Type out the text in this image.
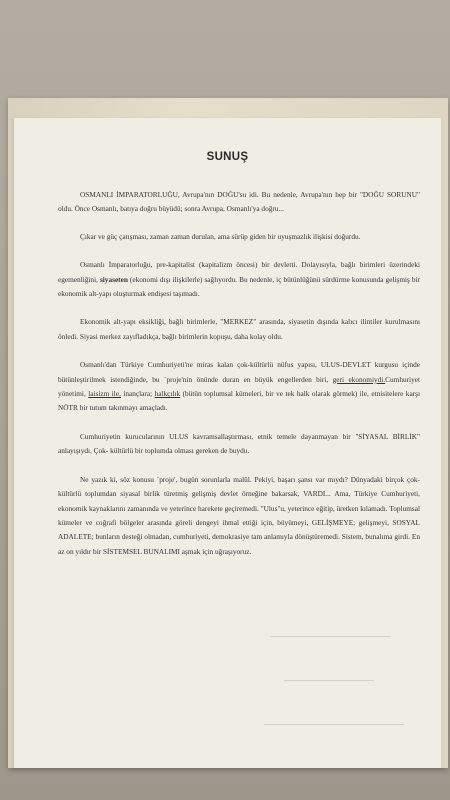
SUNUŞ

OSMANLI İMPARATORLUĞU, Avrupa'nın DOĞU'su idi. Bu nedenle, Avrupa'nın hep bir "DOĞU SORUNU" oldu. Önce Osmanlı, batıya doğru büyüdü; sonra Avrupa, Osmanlı'ya doğru...

Çıkar ve güç çatışması, zaman zaman durulan, ama sürüp giden bir uyuşmazlık ilişkisi doğurdu.

Osmanlı İmparatorluğu, pre-kapitalist (kapitalizm öncesi) bir devletti. Dolayısıyla, bağlı birimleri üzerindeki egemenliğini, siyaseten (ekonomi dışı ilişkilerle) sağlıyordu. Bu nedenle, iç bütünlüğünü sürdürme konusunda gelişmiş bir ekonomik alt-yapı oluşturmak endişesi taşımadı.

Ekonomik alt-yapı eksikliği, bağlı birimlerle, "MERKEZ" arasında, siyasetin dışında kalıcı ilintiler kurulmasını önledi. Siyasi merkez zayıfladıkça, bağlı birimlerin kopuşu, daha kolay oldu.

Osmanlı'dan Türkiye Cumhuriyeti'ne miras kalan çok-kültürlü nüfus yapısı, ULUS-DEVLET kurgusu içinde bütünleştirilmek istendiğinde, bu `proje'nin önünde duran en büyük engellerden biri, geri ekonomiydi.Cumhuriyet yönetimi, laisizm ile, inançlara; halkçılık (bütün toplumsal kümeleri, bir ve tek halk olarak görmek) ile, etnisitelere karşı NÖTR bir tutum takınmayı amaçladı.

Cumhuriyetin kurucularının ULUS kavramsallaştırması, etnik temele dayanmayan bir "SİYASAL BİRLİK" anlayışıydı. Çok- kültürlü bir toplumda olması gereken de buydu.

Ne yazık ki, söz konusu `proje', bugün sorunlarla malûl. Pekiyi, başarı şansı var mıydı? Dünyadaki birçok çok-kültürlü toplumdan siyasal birlik türetmiş gelişmiş devlet örneğine bakarsak, VARDI... Ama, Türkiye Cumhuriyeti, ekonomik kaynaklarını zamanında ve yeterince harekete geçiremedi. "Ulus"u, yeterince eğitip, üretken kılamadı. Toplumsal kümeler ve coğrafi bölgeler arasında göreli dengeyi ihmal ettiği için, büyümeyi, GELİŞMEYE; gelişmeyi, SOSYAL ADALETE; bunların desteği olmadan, cumhuriyeti, demokrasiye tam anlamıyla dönüştüremedi. Sistem, bunalıma girdi. En az on yıldır bir SİSTEMSEL BUNALIMI aşmak için uğraşıyoruz.
